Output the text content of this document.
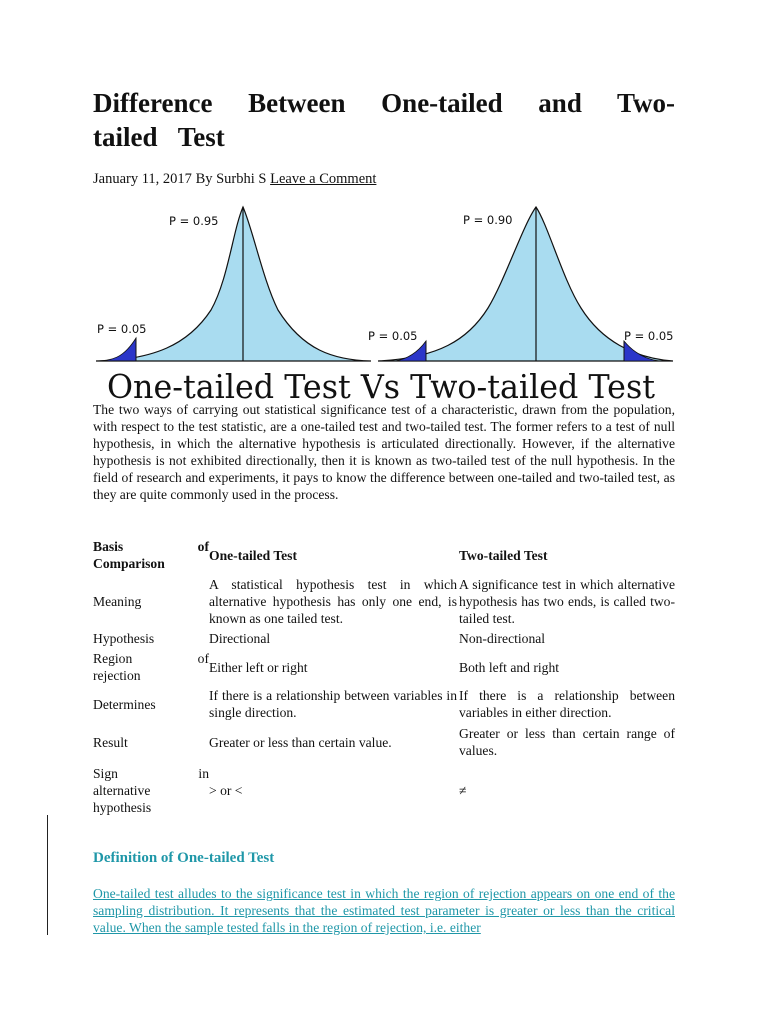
Difference Between One-tailed and Two-tailed Test
January 11, 2017 By Surbhi S Leave a Comment
P = 0.95
P = 0.05
P = 0.90
P = 0.05	P = 0.05
One-tailed Test Vs Two-tailed Test

The two ways of carrying out statistical significance test of a characteristic, drawn from the population, with respect to the test statistic, are a one-tailed test and two-tailed test. The former refers to a test of null hypothesis, in which the alternative hypothesis is articulated directionally. However, if the alternative hypothesis is not exhibited directionally, then it is known as two-tailed test of the null hypothesis. In the field of research and experiments, it pays to know the difference between one-tailed and two-tailed test, as they are quite commonly used in the process.

Basis of
Comparison	One-tailed Test	Two-tailed Test
Meaning	A statistical hypothesis test in which alternative hypothesis has only one end, is known as one tailed test.	A significance test in which alternative hypothesis has two ends, is called two-tailed test.
Hypothesis	Directional	Non-directional

Region of
rejection	Either left or right	Both left and right
Determines	If there is a relationship between variables in single direction.	If there is a relationship between variables in either direction.
Result	Greater or less than certain value.	Greater or less than certain range of values.

Sign in
alternative
hypothesis	> or <	≠
Definition of One-tailed Test

One-tailed test alludes to the significance test in which the region of rejection appears on one end of the sampling distribution. It represents that the estimated test parameter is greater or less than the critical value. When the sample tested falls in the region of rejection, i.e. either
